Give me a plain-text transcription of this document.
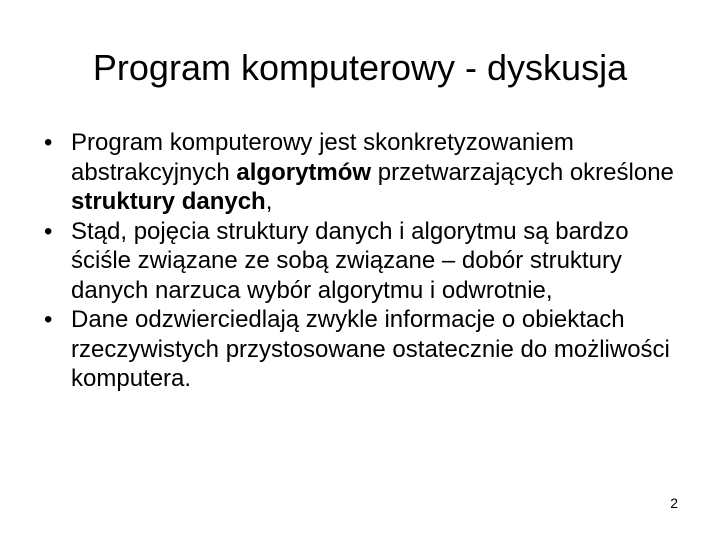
Program komputerowy - dyskusja
• Program komputerowy jest skonkretyzowaniem abstrakcyjnych algorytmów przetwarzających określone struktury danych,
• Stąd, pojęcia struktury danych i algorytmu są bardzo ściśle związane ze sobą związane – dobór struktury danych narzuca wybór algorytmu i odwrotnie,
• Dane odzwierciedlają zwykle informacje o obiektach rzeczywistych przystosowane ostatecznie do możliwości komputera.
2
